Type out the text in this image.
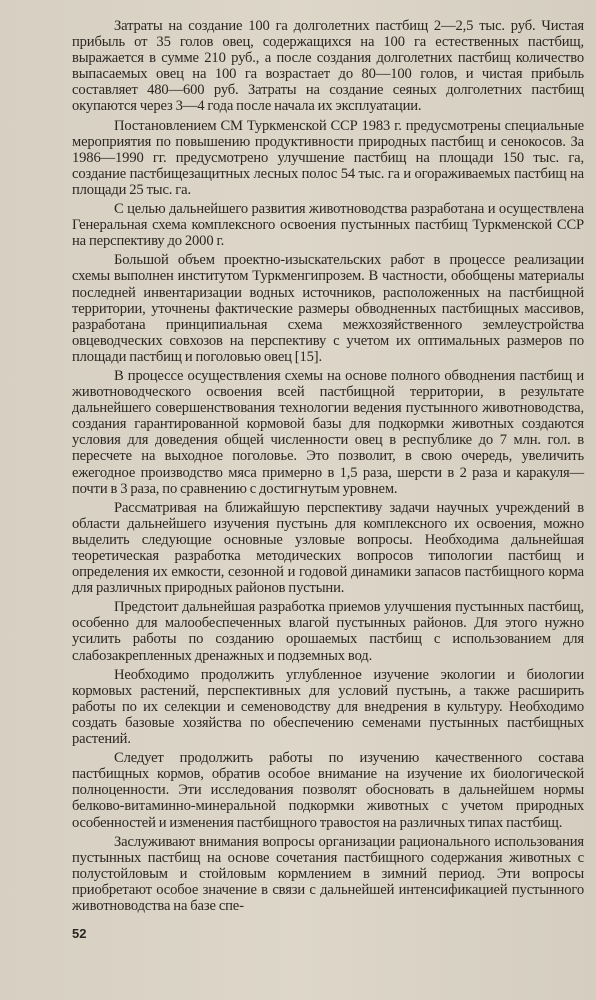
Затраты на создание 100 га долголетних пастбищ 2—2,5 тыс. руб. Чистая прибыль от 35 голов овец, содержащихся на 100 га естественных пастбищ, выражается в сумме 210 руб., а после создания долголетних пастбищ количество выпасаемых овец на 100 га возрастает до 80—100 голов, и чистая прибыль составляет 480—600 руб. Затраты на создание сеяных долголетних пастбищ окупаются через 3—4 года после начала их эксплуатации.

Постановлением СМ Туркменской ССР 1983 г. предусмотрены специальные мероприятия по повышению продуктивности природных пастбищ и сенокосов. За 1986—1990 гг. предусмотрено улучшение пастбищ на площади 150 тыс. га, создание пастбищезащитных лесных полос 54 тыс. га и огораживаемых пастбищ на площади 25 тыс. га.

С целью дальнейшего развития животноводства разработана и осуществлена Генеральная схема комплексного освоения пустынных пастбищ Туркменской ССР на перспективу до 2000 г.

Большой объем проектно-изыскательских работ в процессе реализации схемы выполнен институтом Туркменгипрозем. В частности, обобщены материалы последней инвентаризации водных источников, расположенных на пастбищной территории, уточнены фактические размеры обводненных пастбищных массивов, разработана принципиальная схема межхозяйственного землеустройства овцеводческих совхозов на перспективу с учетом их оптимальных размеров по площади пастбищ и поголовью овец [15].

В процессе осуществления схемы на основе полного обводнения пастбищ и животноводческого освоения всей пастбищной территории, в результате дальнейшего совершенствования технологии ведения пустынного животноводства, создания гарантированной кормовой базы для подкормки животных создаются условия для доведения общей численности овец в республике до 7 млн. гол. в пересчете на выходное поголовье. Это позволит, в свою очередь, увеличить ежегодное производство мяса примерно в 1,5 раза, шерсти в 2 раза и каракуля—почти в 3 раза, по сравнению с достигнутым уровнем.

Рассматривая на ближайшую перспективу задачи научных учреждений в области дальнейшего изучения пустынь для комплексного их освоения, можно выделить следующие основные узловые вопросы. Необходима дальнейшая теоретическая разработка методических вопросов типологии пастбищ и определения их емкости, сезонной и годовой динамики запасов пастбищного корма для различных природных районов пустыни.

Предстоит дальнейшая разработка приемов улучшения пустынных пастбищ, особенно для малообеспеченных влагой пустынных районов. Для этого нужно усилить работы по созданию орошаемых пастбищ с использованием для слабозакрепленных дренажных и подземных вод.

Необходимо продолжить углубленное изучение экологии и биологии кормовых растений, перспективных для условий пустынь, а также расширить работы по их селекции и семеноводству для внедрения в культуру. Необходимо создать базовые хозяйства по обеспечению семенами пустынных пастбищных растений.

Следует продолжить работы по изучению качественного состава пастбищных кормов, обратив особое внимание на изучение их биологической полноценности. Эти исследования позволят обосновать в дальнейшем нормы белково-витаминно-минеральной подкормки животных с учетом природных особенностей и изменения пастбищного травостоя на различных типах пастбищ.

Заслуживают внимания вопросы организации рационального использования пустынных пастбищ на основе сочетания пастбищного содержания животных с полустойловым и стойловым кормлением в зимний период. Эти вопросы приобретают особое значение в связи с дальнейшей интенсификацией пустынного животноводства на базе спе-

52
